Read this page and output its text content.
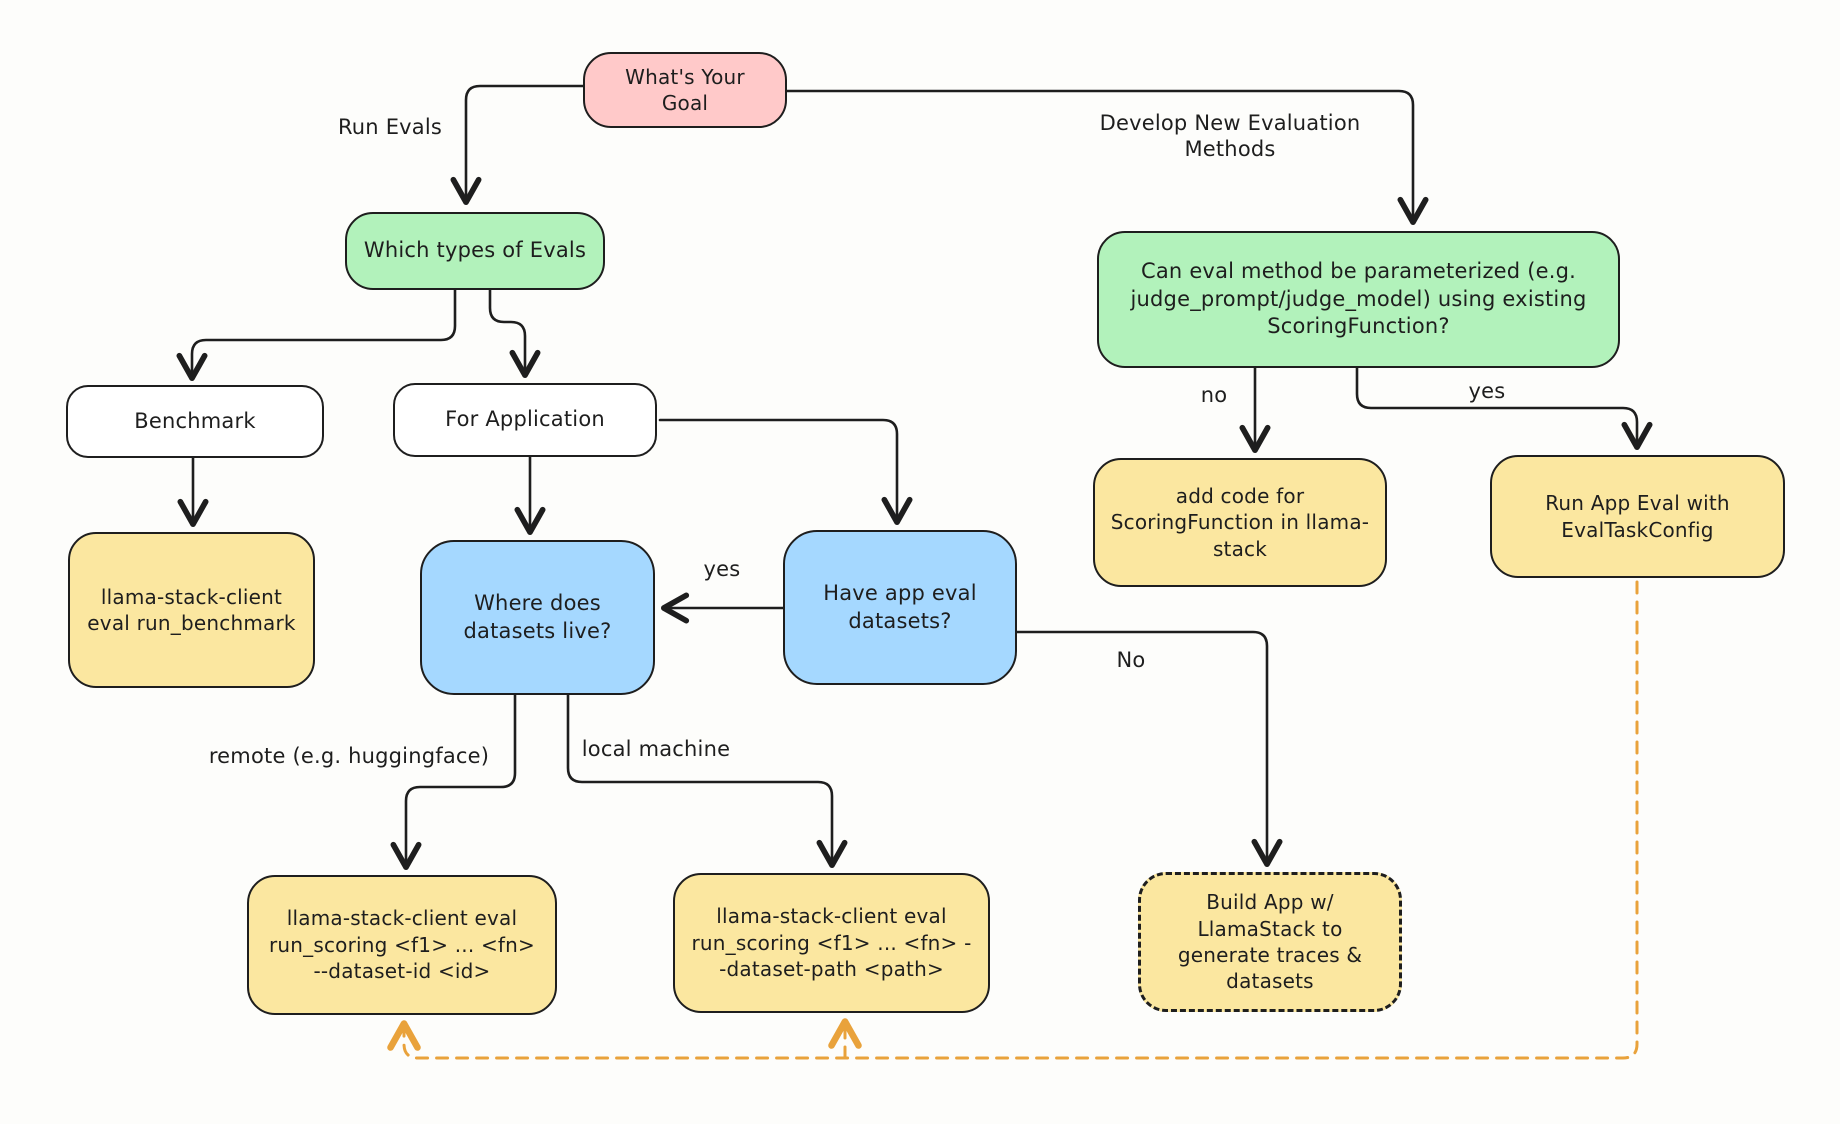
What's Your Goal
Which types of Evals
Benchmark	For Application
llama-stack-client eval run_benchmark
Where does datasets live?
Have app eval datasets?
Can eval method be parameterized (e.g. judge_prompt/judge_model) using existing ScoringFunction?
add code for ScoringFunction in llama-stack
Run App Eval with EvalTaskConfig
llama-stack-client eval run_scoring <f1> ... <fn> --dataset-id <id>
llama-stack-client eval run_scoring <f1> ... <fn> --dataset-path <path>
Build App w/ LlamaStack to generate traces & datasets
Run Evals	Develop New Evaluation Methods
no	yes
yes
No
remote (e.g. huggingface)	local machine
